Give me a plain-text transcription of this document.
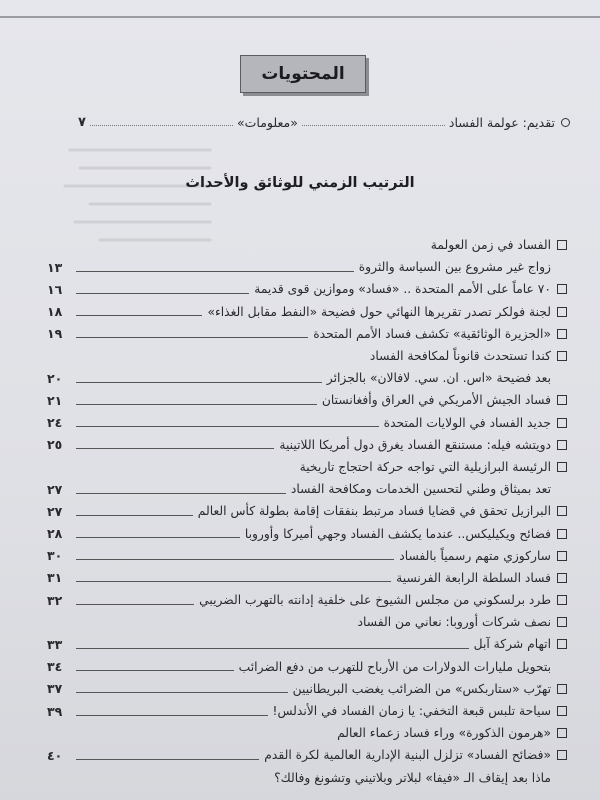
المحتويات
تقديم: عولمة الفساد
«معلومات»
٧
الترتيب الزمني للوثائق والأحداث
الفساد في زمن العولمة
زواج غير مشروع بين السياسة والثروة
١٣
٧٠ عاماً على الأمم المتحدة .. «فساد» وموازين قوى قديمة
١٦
لجنة فولكر تصدر تقريرها النهائي حول فضيحة «النفط مقابل الغذاء»
١٨
«الجزيرة الوثائقية» تكشف فساد الأمم المتحدة
١٩
كندا تستحدث قانوناً لمكافحة الفساد
بعد فضيحة «اس. ان. سي. لافالان» بالجزائر
٢٠
فساد الجيش الأمريكي في العراق وأفغانستان
٢١
جديد الفساد في الولايات المتحدة
٢٤
دويتشه فيله: مستنقع الفساد يغرق دول أمريكا اللاتينية
٢٥
الرئيسة البرازيلية التي تواجه حركة احتجاج تاريخية
تعد بميثاق وطني لتحسين الخدمات ومكافحة الفساد
٢٧
البرازيل تحقق في قضايا فساد مرتبط بنفقات إقامة بطولة كأس العالم
٢٧
فضائح ويكيليكس.. عندما يكشف الفساد وجهي أميركا وأوروبا
٢٨
ساركوزي متهم رسمياً بالفساد
٣٠
فساد السلطة الرابعة الفرنسية
٣١
طرد برلسكوني من مجلس الشيوخ على خلفية إدانته بالتهرب الضريبي
٣٢
نصف شركات أوروبا: نعاني من الفساد
اتهام شركة آبل
٣٣
بتحويل مليارات الدولارات من الأرباح للتهرب من دفع الضرائب
٣٤
تهرّب «ستاربكس» من الضرائب يغضب البريطانيين
٣٧
سياحة تلبس قبعة التخفي: يا زمان الفساد في الأندلس!
٣٩
«هرمون الذكورة» وراء فساد زعماء العالم
«فضائح الفساد» تزلزل البنية الإدارية العالمية لكرة القدم
٤٠
ماذا بعد إيقاف الـ «فيفا» لبلاتر وبلاتيني وتشونغ وفالك؟
